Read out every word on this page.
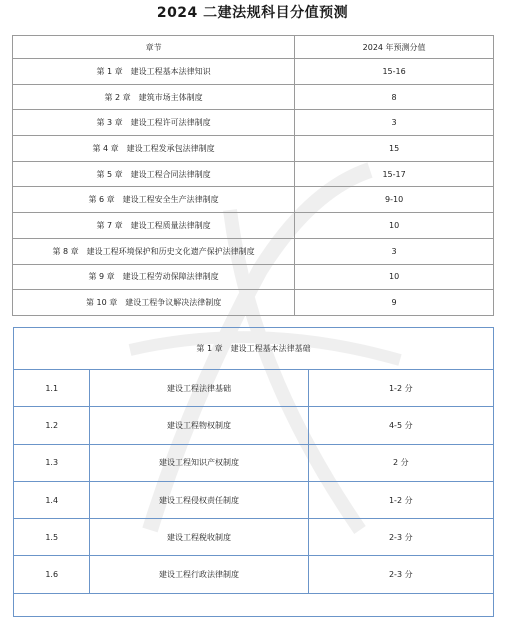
2024 二建法规科目分值预测
章节	2024 年预测分值
第 1 章　建设工程基本法律知识	15-16
第 2 章　建筑市场主体制度	8
第 3 章　建设工程许可法律制度	3
第 4 章　建设工程发承包法律制度	15
第 5 章　建设工程合同法律制度	15-17
第 6 章　建设工程安全生产法律制度	9-10
第 7 章　建设工程质量法律制度	10
第 8 章　建设工程环境保护和历史文化遗产保护法律制度	3
第 9 章　建设工程劳动保障法律制度	10
第 10 章　建设工程争议解决法律制度	9
第 1 章　建设工程基本法律基础
1.1	建设工程法律基础	1-2 分
1.2	建设工程物权制度	4-5 分
1.3	建设工程知识产权制度	2 分
1.4	建设工程侵权责任制度	1-2 分
1.5	建设工程税收制度	2-3 分
1.6	建设工程行政法律制度	2-3 分
